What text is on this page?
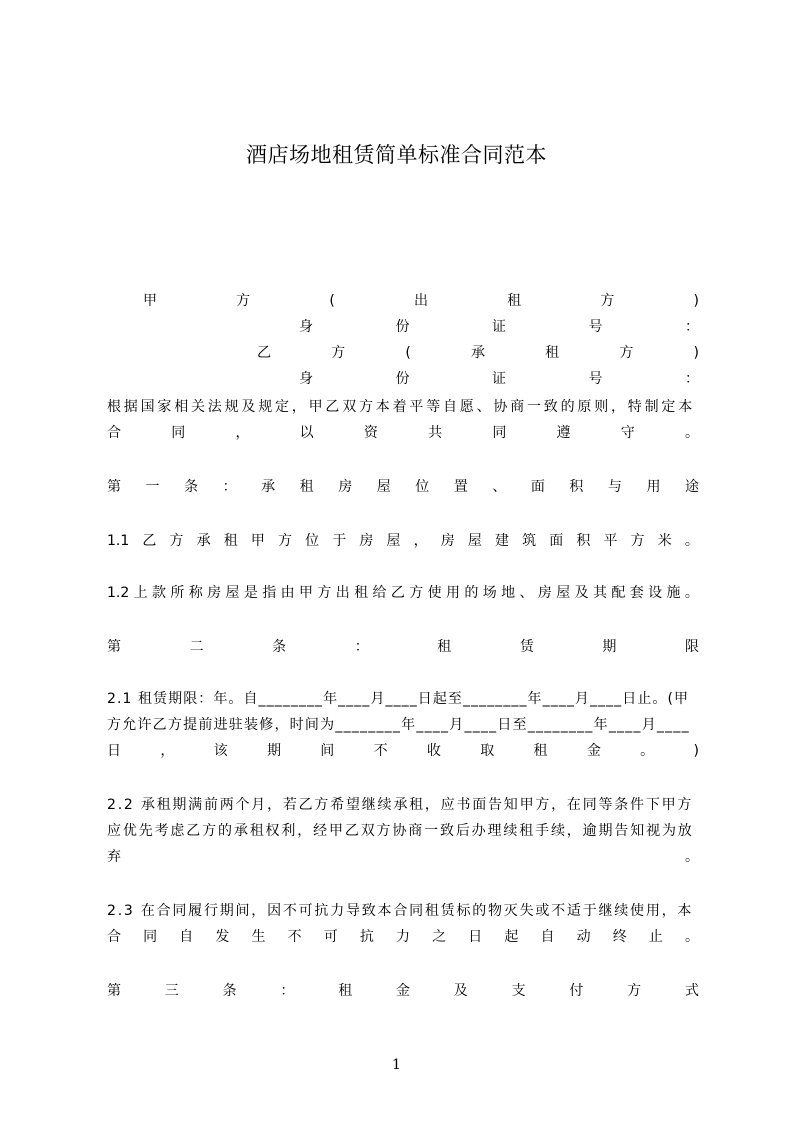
酒店场地租赁简单标准合同范本
甲	方	(	出	租	方	)
身	份	证	号	：
乙	方	(	承	租	方	)
身	份	证	号	：
根据国家相关法规及规定，甲乙双方本着平等自愿、协商一致的原则，特制定本
合	同	，	以	资	共	同	遵	守	。
第 一 条 ： 承 租 房 屋 位 置 、 面 积 与 用 途
1.1 乙 方 承 租 甲 方 位 于 房 屋 ， 房 屋 建 筑 面 积 平 方 米 。
1.2 上 款 所 称 房 屋 是 指 由 甲 方 出 租 给 乙 方 使 用 的 场 地 、 房 屋 及 其 配 套 设 施 。
第	二	条	：	租	赁	期	限
2.1 租赁期限：年。自________年____月____日起至________年____月____日止。(甲
方允许乙方提前进驻装修，时间为________年____月____日至________年____月____
日	，	该	期	间	不	收	取	租	金	。	)
2.2 承租期满前两个月，若乙方希望继续承租，应书面告知甲方，在同等条件下甲方
应优先考虑乙方的承租权利，经甲乙双方协商一致后办理续租手续，逾期告知视为放
弃	。
2.3 在合同履行期间，因不可抗力导致本合同租赁标的物灭失或不适于继续使用，本
合 同 自 发 生 不 可 抗 力 之 日 起 自 动 终 止 。
第	三	条	：	租	金	及	支	付	方	式
1
